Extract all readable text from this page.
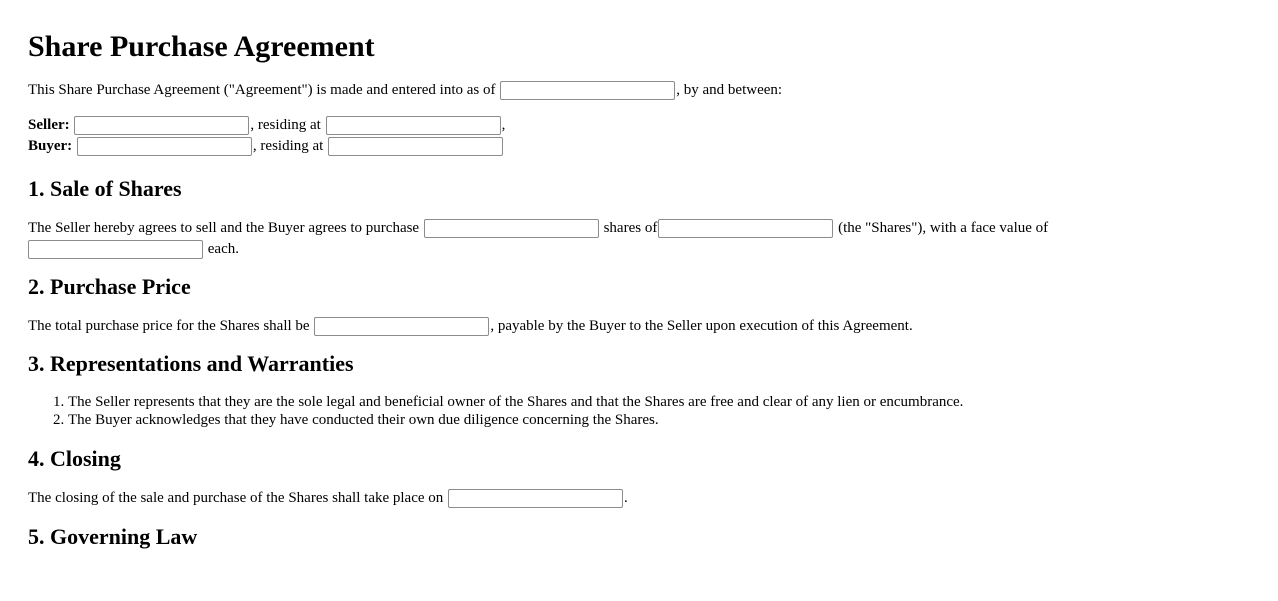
Share Purchase Agreement

This Share Purchase Agreement ("Agreement") is made and entered into as of	, by and between:

Seller:	, residing at	,
Buyer:	, residing at
1. Sale of Shares

The Seller hereby agrees to sell and the Buyer agrees to purchase	shares of	(the "Shares"), with a face value of  each.

2. Purchase Price

The total purchase price for the Shares shall be	, payable by the Buyer to the Seller upon execution of this Agreement.

3. Representations and Warranties
1. The Seller represents that they are the sole legal and beneficial owner of the Shares and that the Shares are free and clear of any lien or encumbrance.
2. The Buyer acknowledges that they have conducted their own due diligence concerning the Shares.
4. Closing

The closing of the sale and purchase of the Shares shall take place on	.

5. Governing Law
